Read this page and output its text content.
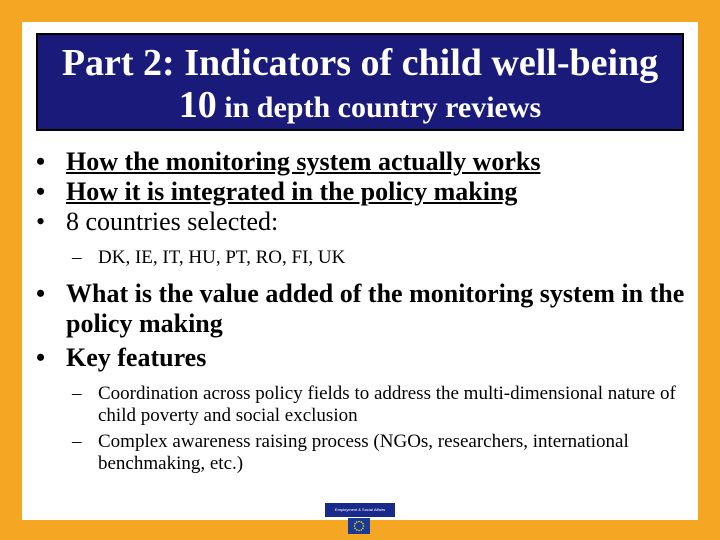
Part 2: Indicators of child well-being
10 in depth country reviews
• How the monitoring system actually works
• How it is integrated in the policy making
• 8 countries selected:
– DK, IE, IT, HU, PT, RO, FI, UK
• What is the value added of the monitoring system in the policy making
• Key features
– Coordination across policy fields to address the multi-dimensional nature of child poverty and social exclusion
– Complex awareness raising process (NGOs, researchers, international benchmaking, etc.)
Employment & Social Affairs
